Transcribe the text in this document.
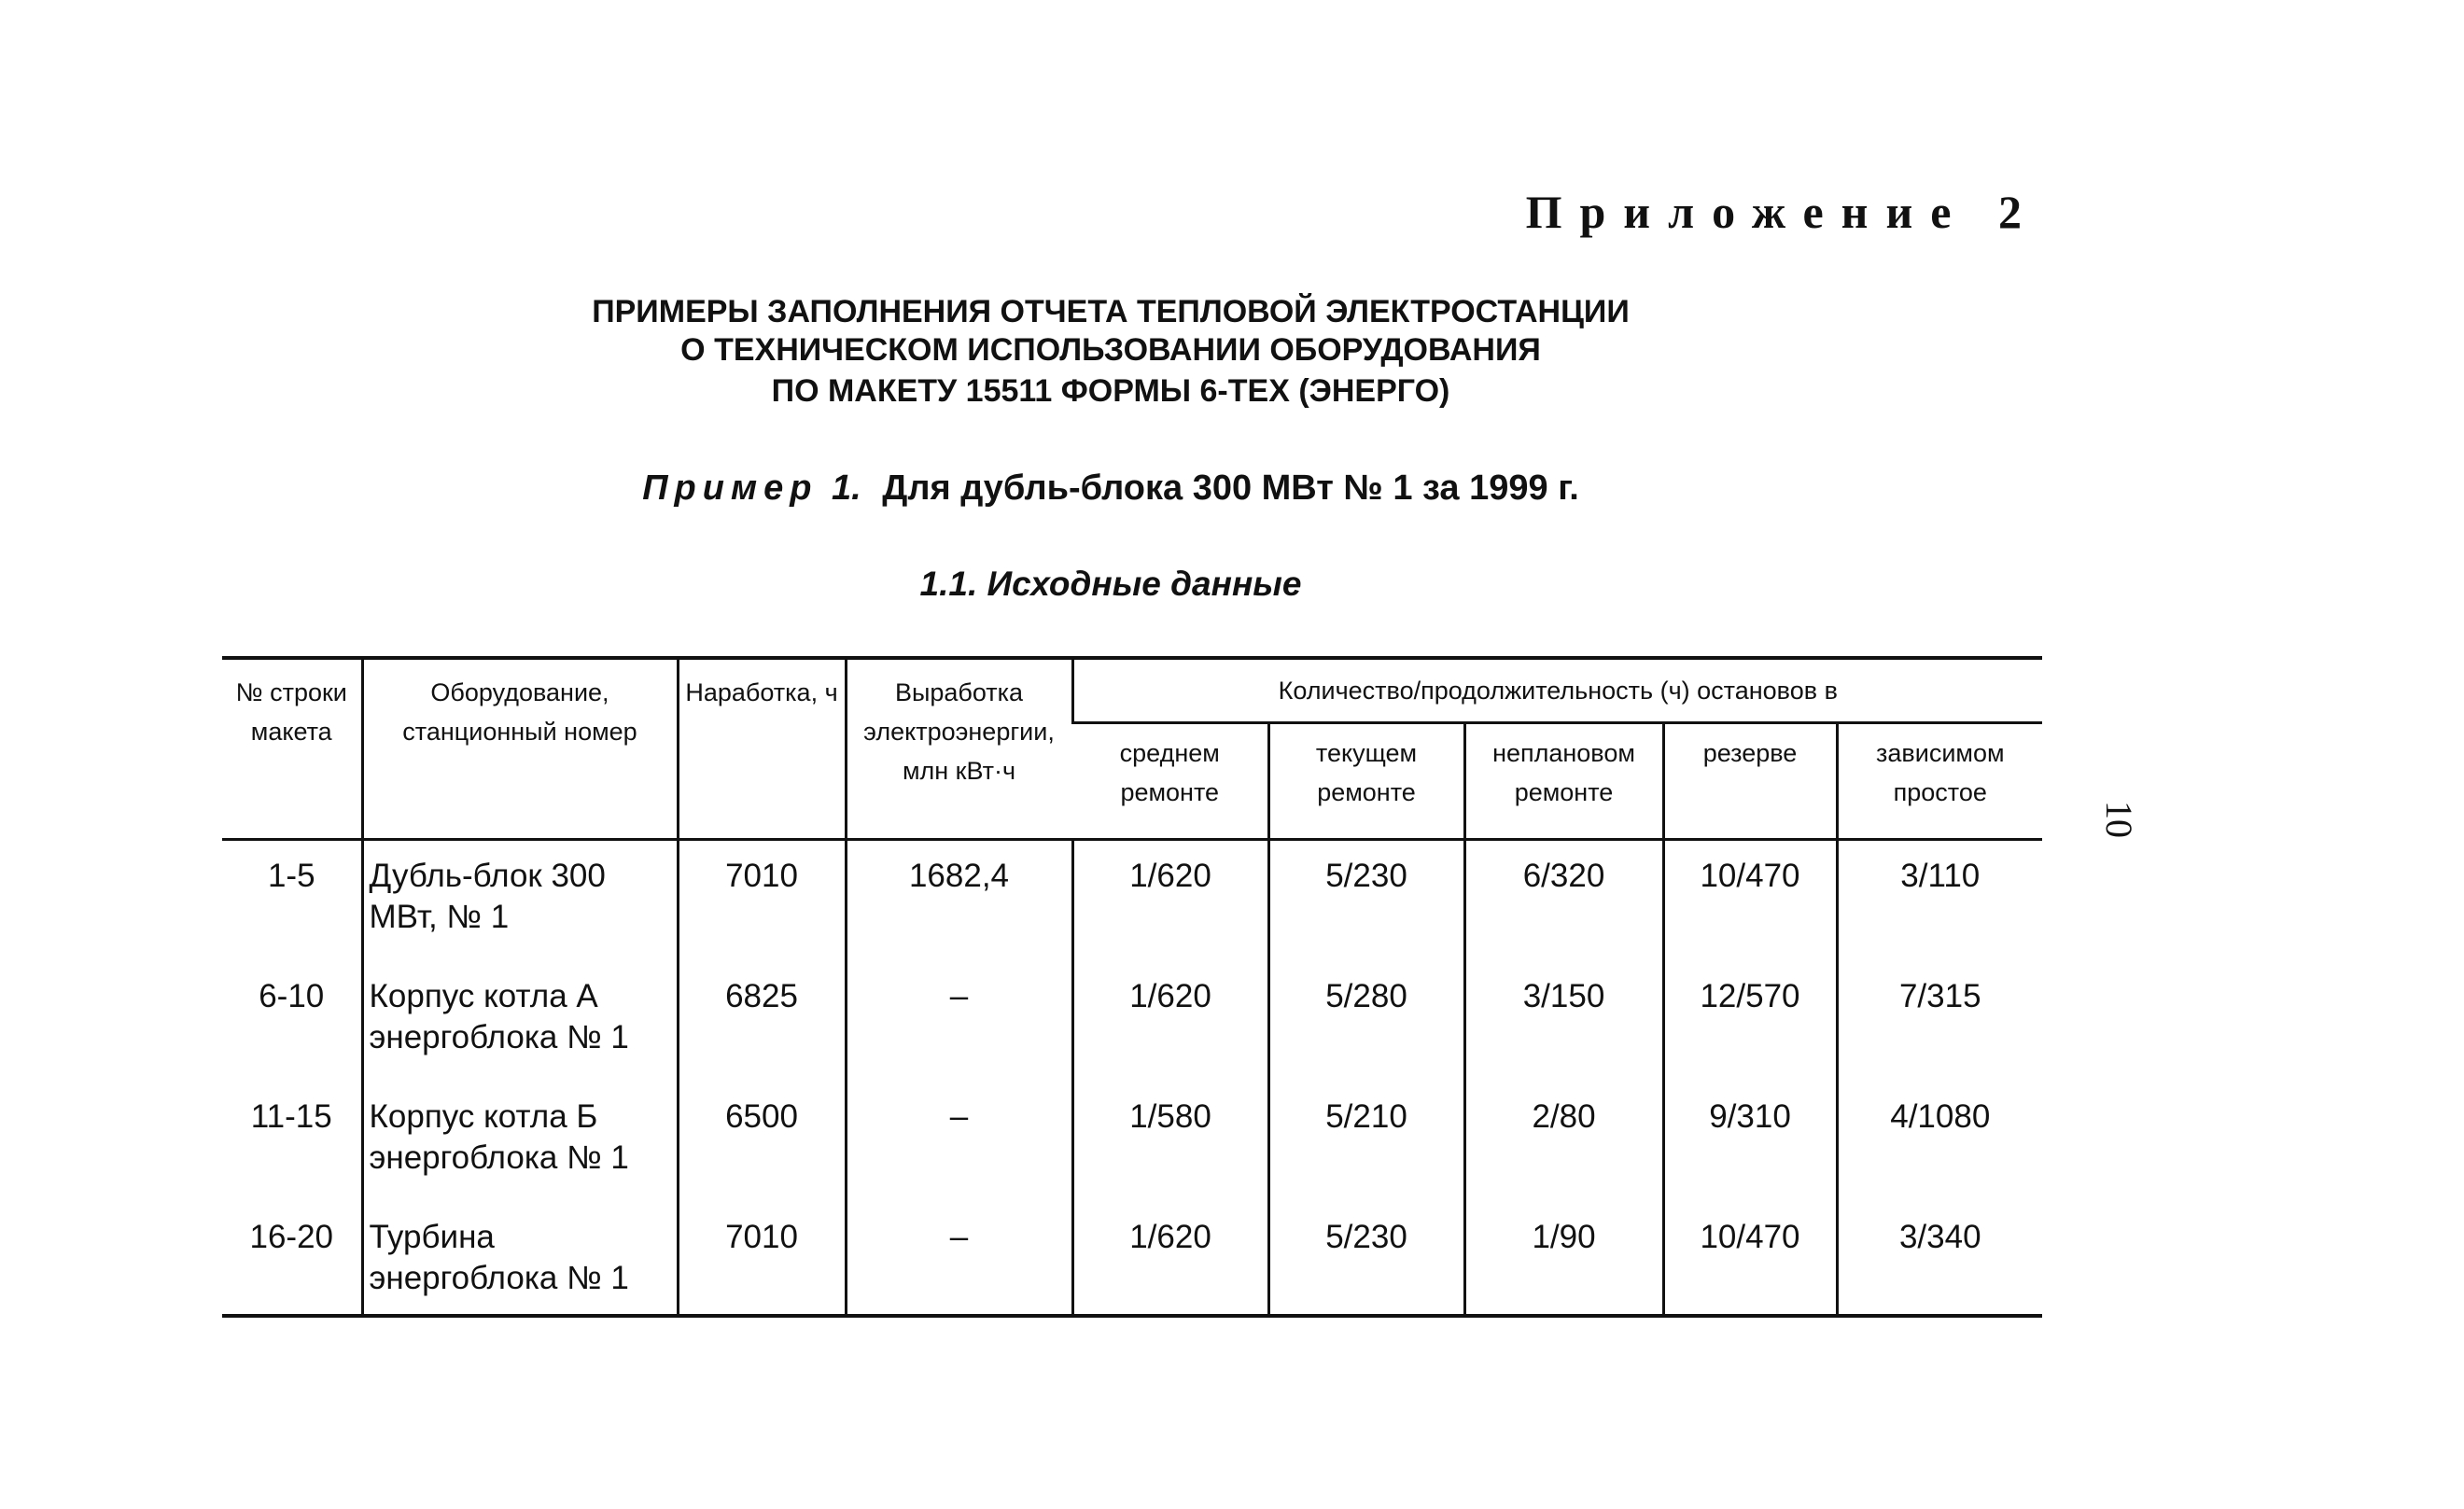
Приложение 2
ПРИМЕРЫ ЗАПОЛНЕНИЯ ОТЧЕТА ТЕПЛОВОЙ ЭЛЕКТРОСТАНЦИИ
О ТЕХНИЧЕСКОМ ИСПОЛЬЗОВАНИИ ОБОРУДОВАНИЯ
ПО МАКЕТУ 15511 ФОРМЫ 6-ТЕХ (ЭНЕРГО)
Пример 1. Для дубль-блока 300 МВт № 1 за 1999 г.
1.1. Исходные данные
10
№ строки макета	Оборудование, станционный номер	Наработка, ч	Выработка электроэнергии, млн кВт·ч	Количество/продолжительность (ч) остановов в				
				среднем ремонте	текущем ремонте	неплановом ремонте	резерве	зависимом простое
1-5	Дубль-блок 300 МВт, № 1	7010	1682,4	1/620	5/230	6/320	10/470	3/110
6-10	Корпус котла А энергоблока № 1	6825	–	1/620	5/280	3/150	12/570	7/315
11-15	Корпус котла Б энергоблока № 1	6500	–	1/580	5/210	2/80	9/310	4/1080
16-20	Турбина энергоблока № 1	7010	–	1/620	5/230	1/90	10/470	3/340
